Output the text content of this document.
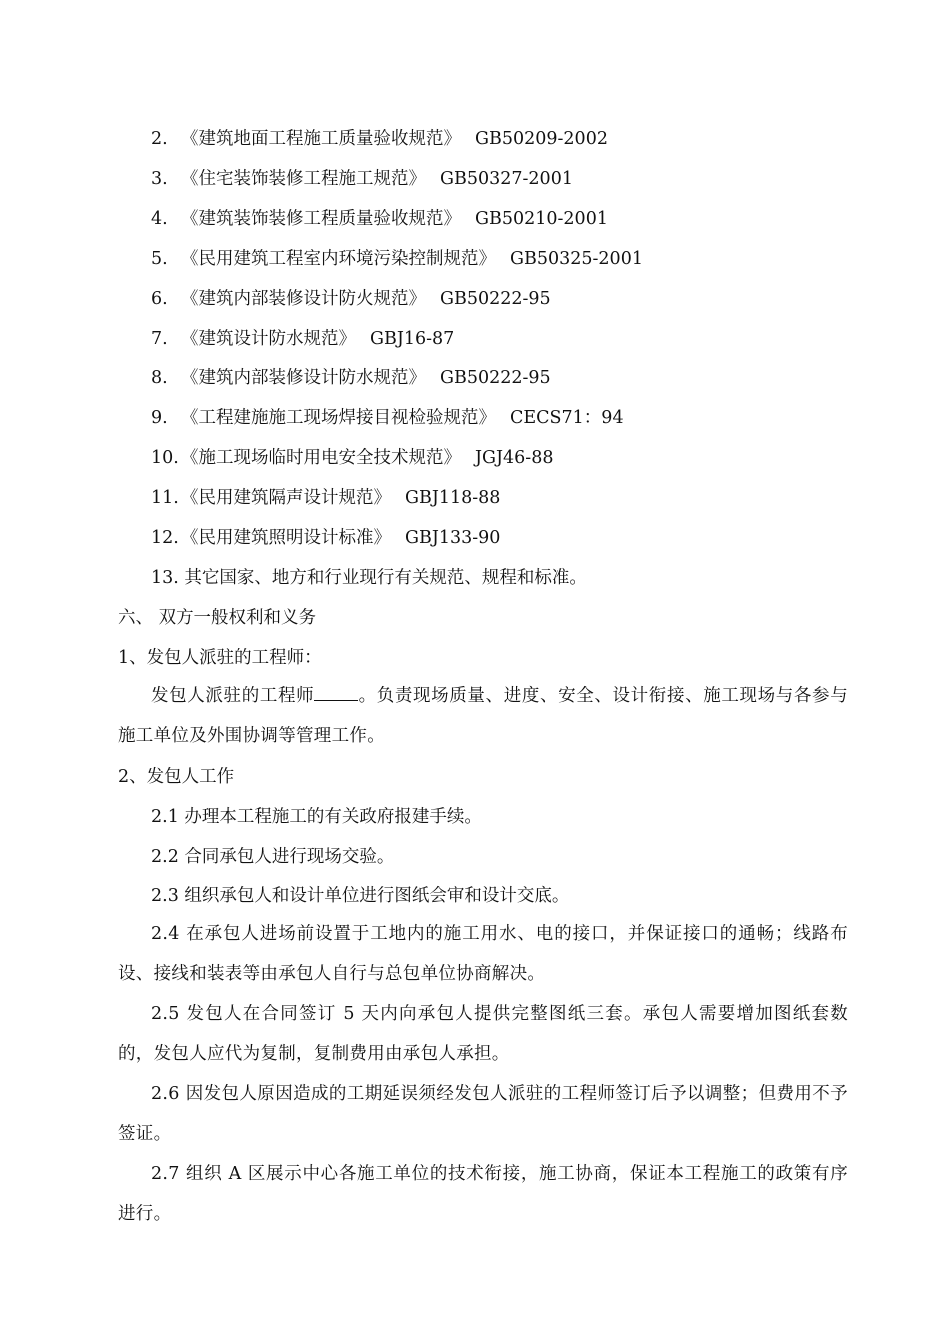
2. 《建筑地面工程施工质量验收规范》 GB50209-2002
3. 《住宅装饰装修工程施工规范》 GB50327-2001
4. 《建筑装饰装修工程质量验收规范》 GB50210-2001
5. 《民用建筑工程室内环境污染控制规范》 GB50325-2001
6. 《建筑内部装修设计防火规范》 GB50222-95
7. 《建筑设计防水规范》 GBJ16-87
8. 《建筑内部装修设计防水规范》 GB50222-95
9. 《工程建施施工现场焊接目视检验规范》 CECS71：94
10. 《施工现场临时用电安全技术规范》 JGJ46-88
11. 《民用建筑隔声设计规范》 GBJ118-88
12. 《民用建筑照明设计标准》 GBJ133-90
13. 其它国家、地方和行业现行有关规范、规程和标准。
六、 双方一般权利和义务
1、发包人派驻的工程师：
发包人派驻的工程师	。负责现场质量、进度、安全、设计衔接、施工现场与各参与施工单位及外围协调等管理工作。
2、发包人工作
2.1 办理本工程施工的有关政府报建手续。
2.2 合同承包人进行现场交验。
2.3 组织承包人和设计单位进行图纸会审和设计交底。
2.4 在承包人进场前设置于工地内的施工用水、电的接口，并保证接口的通畅；线路布设、接线和装表等由承包人自行与总包单位协商解决。
2.5 发包人在合同签订 5 天内向承包人提供完整图纸三套。承包人需要增加图纸套数的，发包人应代为复制，复制费用由承包人承担。
2.6 因发包人原因造成的工期延误须经发包人派驻的工程师签订后予以调整；但费用不予签证。
2.7 组织 A 区展示中心各施工单位的技术衔接，施工协商，保证本工程施工的政策有序进行。
